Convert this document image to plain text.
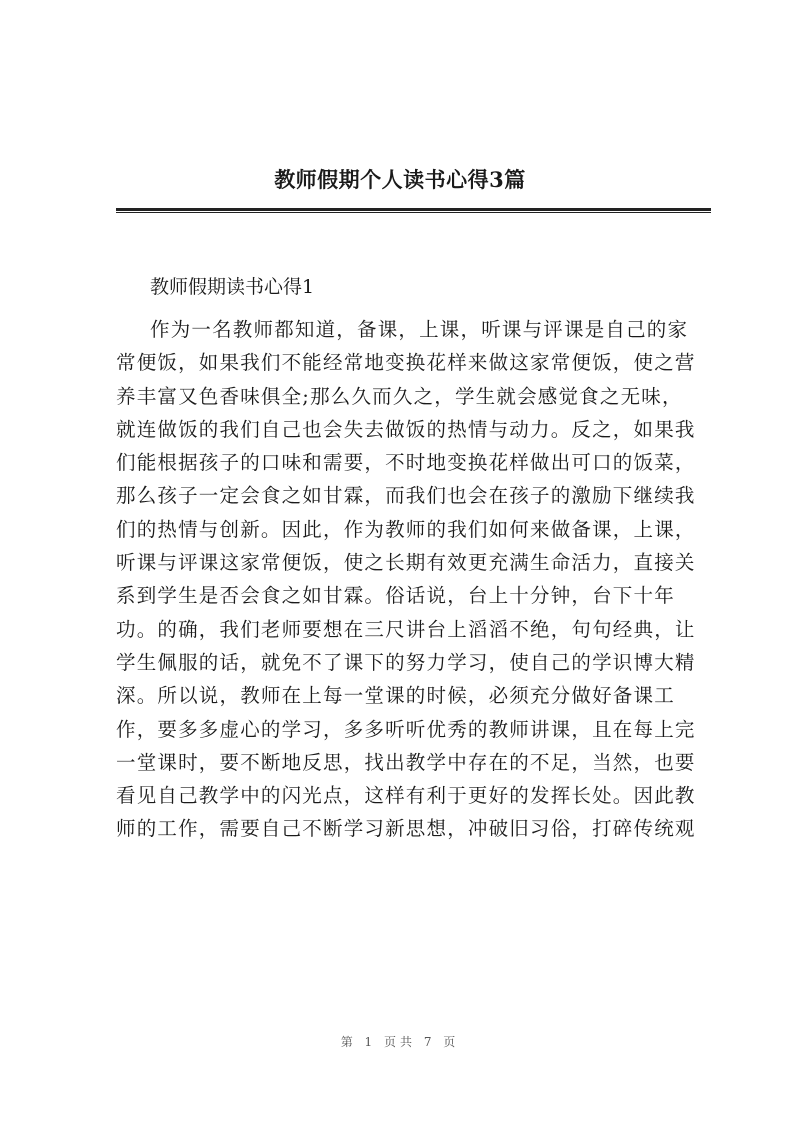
教师假期个人读书心得3篇
教师假期读书心得1
作为一名教师都知道，备课，上课，听课与评课是自己的家
常便饭，如果我们不能经常地变换花样来做这家常便饭，使之营
养丰富又色香味俱全;那么久而久之，学生就会感觉食之无味，
就连做饭的我们自己也会失去做饭的热情与动力。反之，如果我
们能根据孩子的口味和需要，不时地变换花样做出可口的饭菜，
那么孩子一定会食之如甘霖，而我们也会在孩子的激励下继续我
们的热情与创新。因此，作为教师的我们如何来做备课，上课，
听课与评课这家常便饭，使之长期有效更充满生命活力，直接关
系到学生是否会食之如甘霖。俗话说，台上十分钟，台下十年
功。的确，我们老师要想在三尺讲台上滔滔不绝，句句经典，让
学生佩服的话，就免不了课下的努力学习，使自己的学识博大精
深。所以说，教师在上每一堂课的时候，必须充分做好备课工
作，要多多虚心的学习，多多听听优秀的教师讲课，且在每上完
一堂课时，要不断地反思，找出教学中存在的不足，当然，也要
看见自己教学中的闪光点，这样有利于更好的发挥长处。因此教
师的工作，需要自己不断学习新思想，冲破旧习俗，打碎传统观
第 1 页共 7 页
